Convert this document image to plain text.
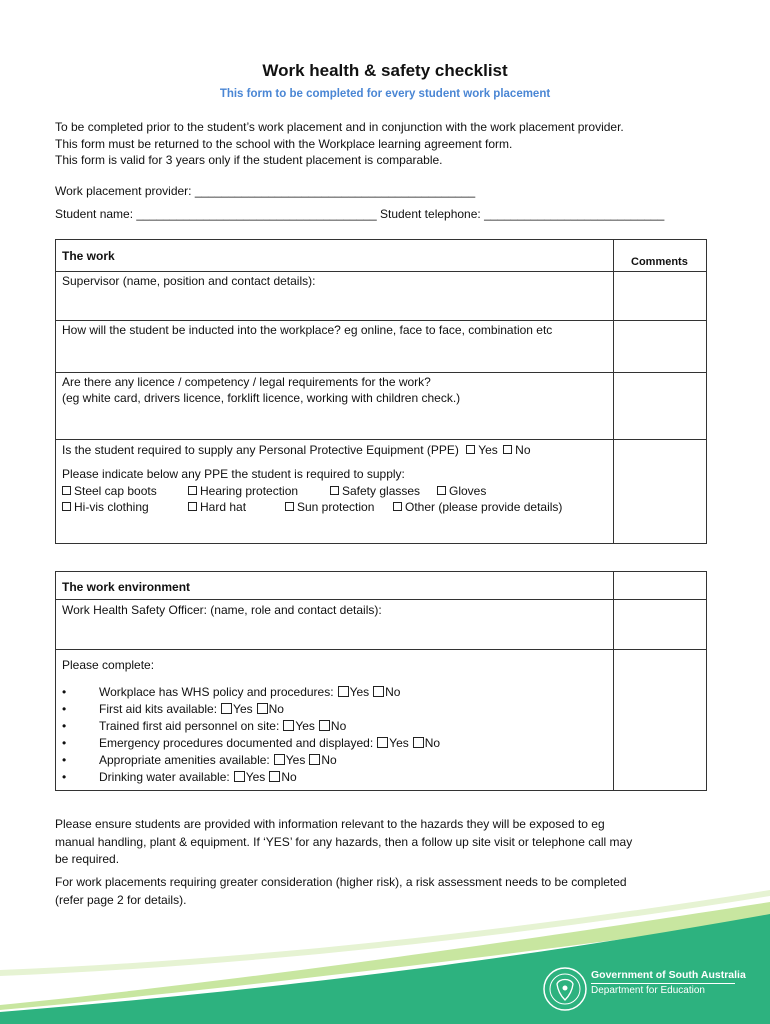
Work health & safety checklist
This form to be completed for every student work placement
To be completed prior to the student’s work placement and in conjunction with the work placement provider.
This form must be returned to the school with the Workplace learning agreement form.
This form is valid for 3 years only if the student placement is comparable.
Work placement provider: __________________________________________
Student name: ____________________________________ Student telephone: ___________________________
The work	Comments
Supervisor (name, position and contact details):
How will the student be inducted into the workplace? eg online, face to face, combination etc
Are there any licence / competency / legal requirements for the work?
(eg white card, drivers licence, forklift licence, working with children check.)
Is the student required to supply any Personal Protective Equipment (PPE) Yes No
Please indicate below any PPE the student is required to supply:
Steel cap boots	Hearing protection	Safety glasses	Gloves
Hi-vis clothing	Hard hat	Sun protection	Other (please provide details)
The work environment
Work Health Safety Officer: (name, role and contact details):
Please complete:
•	Workplace has WHS policy and procedures: Yes No
•	First aid kits available: Yes No
•	Trained first aid personnel on site: Yes No
•	Emergency procedures documented and displayed: Yes No
•	Appropriate amenities available: Yes No
•	Drinking water available: Yes No
Please ensure students are provided with information relevant to the hazards they will be exposed to eg
manual handling, plant & equipment. If ‘YES’ for any hazards, then a follow up site visit or telephone call may
be required.
For work placements requiring greater consideration (higher risk), a risk assessment needs to be completed
(refer page 2 for details).
Government of South Australia
Department for Education
